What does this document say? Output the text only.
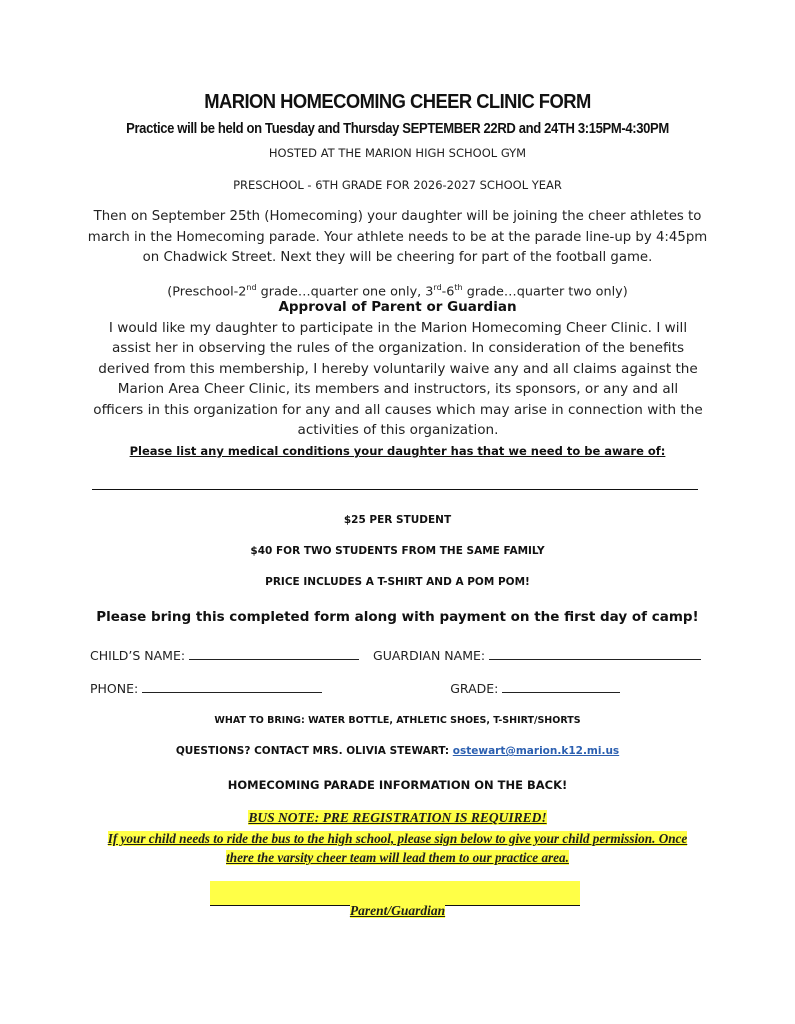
MARION HOMECOMING CHEER CLINIC FORM
Practice will be held on Tuesday and Thursday SEPTEMBER 22RD and 24TH 3:15PM-4:30PM
HOSTED AT THE MARION HIGH SCHOOL GYM
PRESCHOOL - 6TH GRADE FOR 2026-2027 SCHOOL YEAR
Then on September 25th (Homecoming) your daughter will be joining the cheer athletes to march in the Homecoming parade. Your athlete needs to be at the parade line-up by 4:45pm on Chadwick Street. Next they will be cheering for part of the football game.
(Preschool-2nd grade…quarter one only, 3rd-6th grade…quarter two only)
Approval of Parent or Guardian
I would like my daughter to participate in the Marion Homecoming Cheer Clinic. I will assist her in observing the rules of the organization. In consideration of the benefits derived from this membership, I hereby voluntarily waive any and all claims against the Marion Area Cheer Clinic, its members and instructors, its sponsors, or any and all officers in this organization for any and all causes which may arise in connection with the activities of this organization.
Please list any medical conditions your daughter has that we need to be aware of:
$25 PER STUDENT
$40 FOR TWO STUDENTS FROM THE SAME FAMILY
PRICE INCLUDES A T-SHIRT AND A POM POM!
Please bring this completed form along with payment on the first day of camp!
CHILD’S NAME:	GUARDIAN NAME:
PHONE:	GRADE:
WHAT TO BRING: WATER BOTTLE, ATHLETIC SHOES, T-SHIRT/SHORTS
QUESTIONS? CONTACT MRS. OLIVIA STEWART: ostewart@marion.k12.mi.us
HOMECOMING PARADE INFORMATION ON THE BACK!
BUS NOTE: PRE REGISTRATION IS REQUIRED!
If your child needs to ride the bus to the high school, please sign below to give your child permission. Once there the varsity cheer team will lead them to our practice area.
Parent/Guardian
